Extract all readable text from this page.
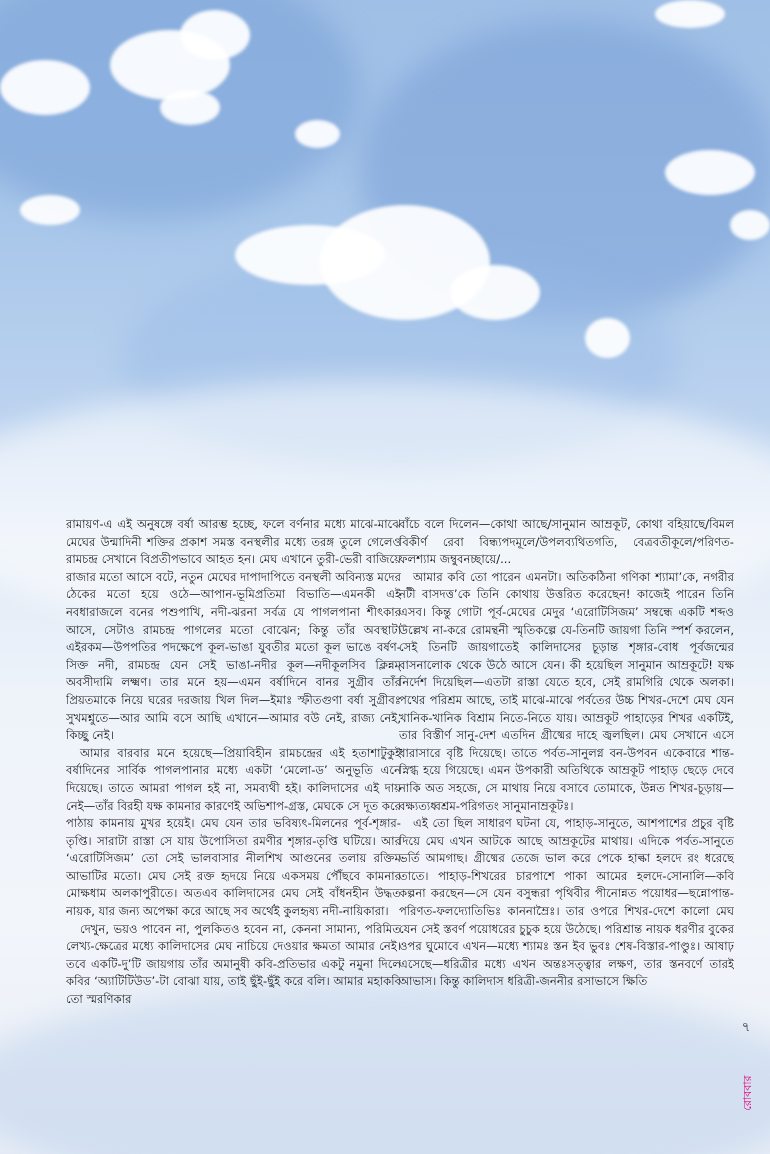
রামায়ণ-এ এই অনুষঙ্গে বর্ষা আরম্ভ হচ্ছে, ফলে বর্ণনার মধ্যে মাঝে-মাঝে মেঘের উন্মাদিনী শক্তির প্রকাশ সমস্ত বনস্থলীর মধ্যে তরঙ্গ তুলে গেলেও রামচন্দ্র সেখানে বিপ্রতীপভাবে আহত হন। মেঘ এখানে তুরী-ভেরী বাজিয়ে রাজার মতো আসে বটে, নতুন মেঘের দাপাদাপিতে বনস্থলী অবিন্যস্ত মদের ঠেকের মতো হয়ে ওঠে—আপান-ভূমিপ্রতিমা বিভাতি—এমনকী এই নবধারাজলে বনের পশুপাখি, নদী-ঝরনা সর্বত্র যে পাগলপানা শীৎকার আসে, সেটাও রামচন্দ্র পাগলের মতো বোঝেন; কিন্তু তাঁর অবস্থাটা এইরকম—উপপতির পদক্ষেপে কূল-ভাঙা যুবতীর মতো কূল ভাঙে বর্ষণ-সিক্ত নদী, রামচন্দ্র যেন সেই ভাঙা-নদীর কূল—নদীকূলসিব ক্লিন্নম্ অবসীদামি লক্ষ্মণ। তার মনে হয়—এমন বর্ষাদিনে বানর সুগ্রীব তাঁর প্রিয়তমাকে নিয়ে ঘরের দরজায় খিল দিল—ইমাঃ স্ফীতগুণা বর্ষা সুগ্রীবঃ সুখমশ্নুতে—আর আমি বসে আছি এখানে—আমার বউ নেই, রাজ্য নেই, কিচ্ছু নেই।

আমার বারবার মনে হয়েছে—প্রিয়াবিহীন রামচন্দ্রের এই হতাশাটুকুই বর্ষাদিনের সার্বিক পাগলপানার মধ্যে একটা ‘মেলো-ড’ অনুভূতি এনে দিয়েছে। তাতে আমরা পাগল হই না, সমব্যথী হই। কালিদাসের এই দায় নেই—তাঁর বিরহী যক্ষ কামনার কারণেই অভিশাপ-গ্রস্ত, মেঘকে সে দূত করে পাঠায় কামনায় মুখর হয়েই। মেঘ যেন তার ভবিষ্যৎ-মিলনের পূর্ব-শৃঙ্গার-তৃপ্তি। সারাটা রাস্তা সে যায় উপোসিতা রমণীর শৃঙ্গার-তৃপ্তি ঘটিয়ে। আর ‘এরোটিসিজম’ তো সেই ভালবাসার নীলশিখ আগুনের তলায় রক্তিম আভাটির মতো। মেঘ সেই রক্ত হৃদয়ে নিয়ে একসময় পৌঁছবে কামনার মোক্ষধাম অলকাপুরীতে। অতএব কালিদাসের মেঘ সেই বাঁধনহীন উদ্ধত নায়ক, যার জন্য অপেক্ষা করে আছে সব অর্থেই কুলহৃষ্য নদী-নায়িকারা।

দেখুন, ভয়ও পাবেন না, পুলকিতও হবেন না, কেননা সামান্য, পরিমিত লেখ্য-ক্ষেত্রের মধ্যে কালিদাসের মেঘ নাচিয়ে দেওয়ার ক্ষমতা আমার নেই। তবে একটি-দু’টি জায়গায় তাঁর অমানুষী কবি-প্রতিভার একটু নমুনা দিলে কবির ‘অ্যাটিটিউড’-টা বোঝা যায়, তাই ছুঁই-ছুঁই করে বলি। আমার মহাকবি তো স্মরণিকার

বাঁচে বলে দিলেন—কোথা আছে/সানুমান আম্রকূট, কোথা বহিয়াছে/বিমল বিকীর্ণ রেবা বিন্ধ্যপদমূলে/উপলব্যথিতগতি, বেত্রবতীকূলে/পরিণত-ফলশ্যাম জম্বুবনচ্ছায়ে/...

আমার কবি তো পারেন এমনটা। অতিকঠিনা গণিকা শ্যামা’কে, নগরীর নটী বাসদত্ত’কে তিনি কোথায় উত্তরিত করেছেন! কাজেই পারেন তিনি এসব। কিন্তু গোটা পূর্ব-মেঘের মেদুর ‘এরোটিসিজম’ সম্বন্ধে একটি শব্দও উল্লেখ না-করে রোমন্থনী স্মৃতিকল্পে যে-তিনটি জায়গা তিনি স্পর্শ করলেন, সেই তিনটি জায়গাতেই কালিদাসের চূড়ান্ত শৃঙ্গার-বোধ পূর্বজন্মের বাসনালোক থেকে উঠে আসে যেন। কী হয়েছিল সানুমান আম্রকূটে! যক্ষ নির্দেশ দিয়েছিল—এতটা রাস্তা যেতে হবে, সেই রামগিরি থেকে অলকা। পথের পরিশ্রম আছে, তাই মাঝে-মাঝে পর্বতের উচ্চ শিখর-দেশে মেঘ যেন খানিক-খানিক বিশ্রাম নিতে-নিতে যায়। আম্রকূট পাহাড়ের শিখর একটিই, তার বিস্তীর্ণ সানু-দেশ এতদিন গ্রীষ্মের দাহে জ্বলছিল। মেঘ সেখানে এসে ধারাসারে বৃষ্টি দিয়েছে। তাতে পর্বত-সানুলগ্ন বন-উপবন একেবারে শান্ত-স্নিগ্ধ হয়ে গিয়েছে। এমন উপকারী অতিথিকে আম্রকূট পাহাড় ছেড়ে দেবে নাকি অত সহজে, সে মাথায় নিয়ে বসাবে তোমাকে, উন্নত শিখর-চূড়ায়—বক্ষ্যত্যধ্বশ্রম-পরিগতং সানুমানাম্রকূটঃ।

এই তো ছিল সাধারণ ঘটনা যে, পাহাড়-সানুতে, আশপাশের প্রচুর বৃষ্টি দিয়ে মেঘ এখন আটকে আছে আম্রকূটের মাথায়। এদিকে পর্বত-সানুতে ভর্তি আমগাছ। গ্রীষ্মের তেজে ভাল করে পেকে হাল্কা হলদে রং ধরেছে তাতে। পাহাড়-শিখরের চারপাশে পাকা আমের হলদে-সোনালি—কবি কল্পনা করছেন—সে যেন বসুন্ধরা পৃথিবীর পীনোন্নত পয়োধর—ছন্নোপান্ত-পরিণত-ফলদ্যোতিভিঃ কাননাম্রৈঃ। তার ওপরে শিখর-দেশে কালো মেঘ যেন সেই স্তবর্ণ পয়োধরের চুচুক হয়ে উঠেছে। পরিশ্রান্ত নায়ক ধরণীর বুকের ওপর ঘুমোবে এখন—মধ্যে শ্যামঃ স্তন ইব ভুবঃ শেষ-বিস্তার-পাণ্ডুঃ। আষাঢ় এসেছে—ধরিত্রীর মধ্যে এখন অন্তঃসত্ত্বার লক্ষণ, তার স্তনবর্ণে তারই আভাস। কিন্তু কালিদাস ধরিত্রী-জননীর রসাভাসে ক্ষিতি

৭
রোববার
